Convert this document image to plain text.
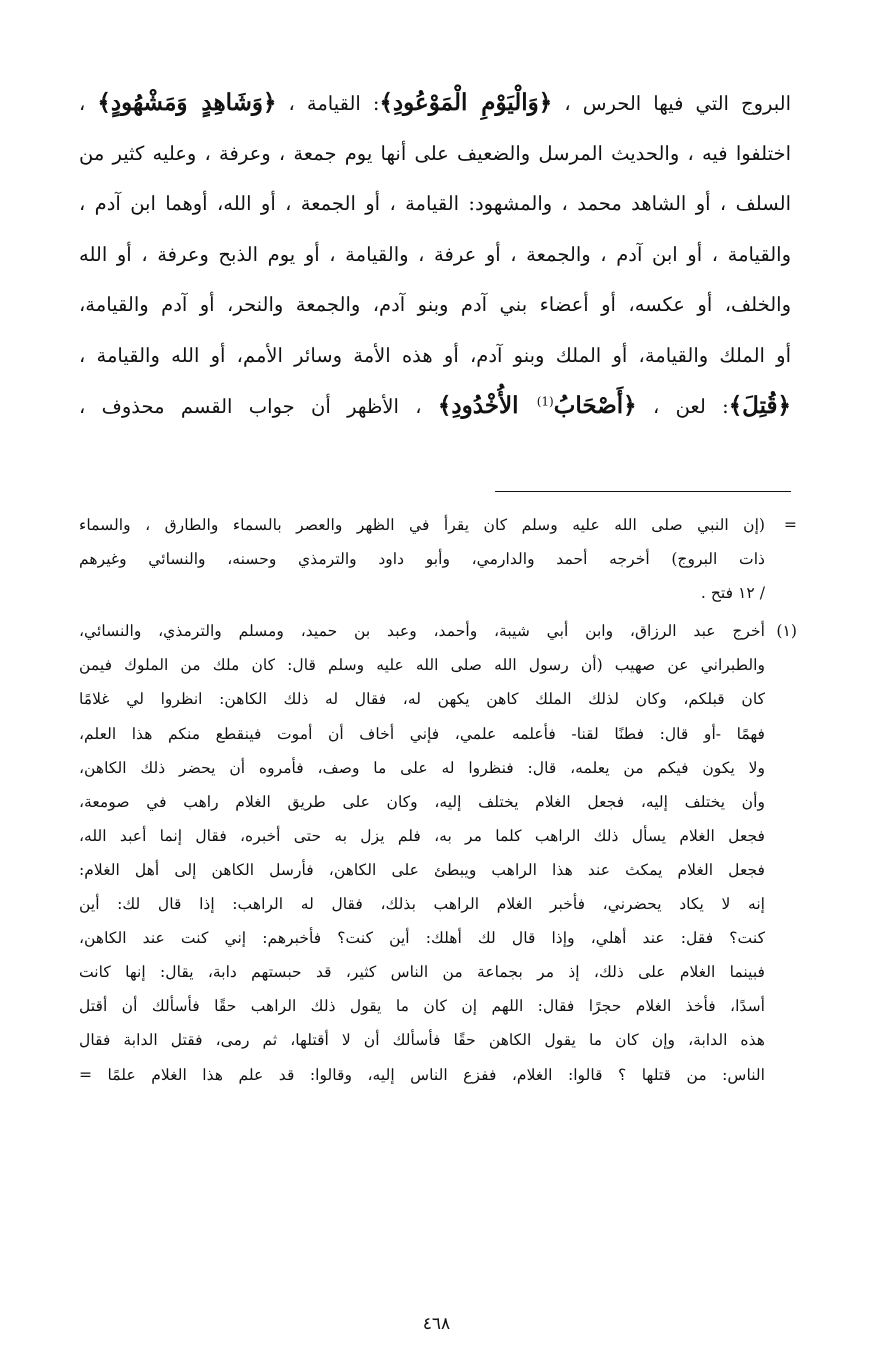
البروج التي فيها الحرس ، ﴿وَالْيَوْمِ الْمَوْعُودِ﴾: القيامة ، ﴿وَشَاهِدٍ وَمَشْهُودٍ﴾ ،
اختلفوا فيه ، والحديث المرسل والضعيف على أنها يوم جمعة ، وعرفة ، وعليه كثير من
السلف ، أو الشاهد محمد ، والمشهود: القيامة ، أو الجمعة ، أو الله، أوهما ابن آدم ،
والقيامة ، أو ابن آدم ، والجمعة ، أو عرفة ، والقيامة ، أو يوم الذبح وعرفة ، أو الله
والخلف، أو عكسه، أو أعضاء بني آدم وبنو آدم، والجمعة والنحر، أو آدم والقيامة،
أو الملك والقيامة، أو الملك وبنو آدم، أو هذه الأمة وسائر الأمم، أو الله والقيامة ،
﴿قُتِلَ﴾: لعن ، ﴿أَصْحَابُ$^{(1)}$ الأُخْدُودِ﴾ ، الأظهر أن جواب القسم محذوف ،
=
(إن النبي صلى الله عليه وسلم كان يقرأ في الظهر والعصر بالسماء والطارق ، والسماء
ذات البروج) أخرجه أحمد والدارمي، وأبو داود والترمذي وحسنه، والنسائي وغيرهم
/ ١٢ فتح .
(١)
أخرج عبد الرزاق، وابن أبي شيبة، وأحمد، وعبد بن حميد، ومسلم والترمذي، والنسائي،
والطبراني عن صهيب (أن رسول الله صلى الله عليه وسلم قال: كان ملك من الملوك فيمن
كان قبلكم، وكان لذلك الملك كاهن يكهن له، فقال له ذلك الكاهن: انظروا لي غلامًا
فهمًا -أو قال: فطنًا لقنا- فأعلمه علمي، فإني أخاف أن أموت فينقطع منكم هذا العلم،
ولا يكون فيكم من يعلمه، قال: فنظروا له على ما وصف، فأمروه أن يحضر ذلك الكاهن،
وأن يختلف إليه، فجعل الغلام يختلف إليه، وكان على طريق الغلام راهب في صومعة،
فجعل الغلام يسأل ذلك الراهب كلما مر به، فلم يزل به حتى أخبره، فقال إنما أعبد الله،
فجعل الغلام يمكث عند هذا الراهب ويبطئ على الكاهن، فأرسل الكاهن إلى أهل الغلام:
إنه لا يكاد يحضرني، فأخبر الغلام الراهب بذلك، فقال له الراهب: إذا قال لك: أين
كنت؟ فقل: عند أهلي، وإذا قال لك أهلك: أين كنت؟ فأخبرهم: إني كنت عند الكاهن،
فبينما الغلام على ذلك، إذ مر بجماعة من الناس كثير، قد حبستهم دابة، يقال: إنها كانت
أسدًا، فأخذ الغلام حجرًا فقال: اللهم إن كان ما يقول ذلك الراهب حقًا فأسألك أن أقتل
هذه الدابة، وإن كان ما يقول الكاهن حقًا فأسألك أن لا أقتلها، ثم رمى، فقتل الدابة فقال
الناس: من قتلها ؟ قالوا: الغلام، ففزع الناس إليه، وقالوا: قد علم هذا الغلام علمًا =
٤٦٨
